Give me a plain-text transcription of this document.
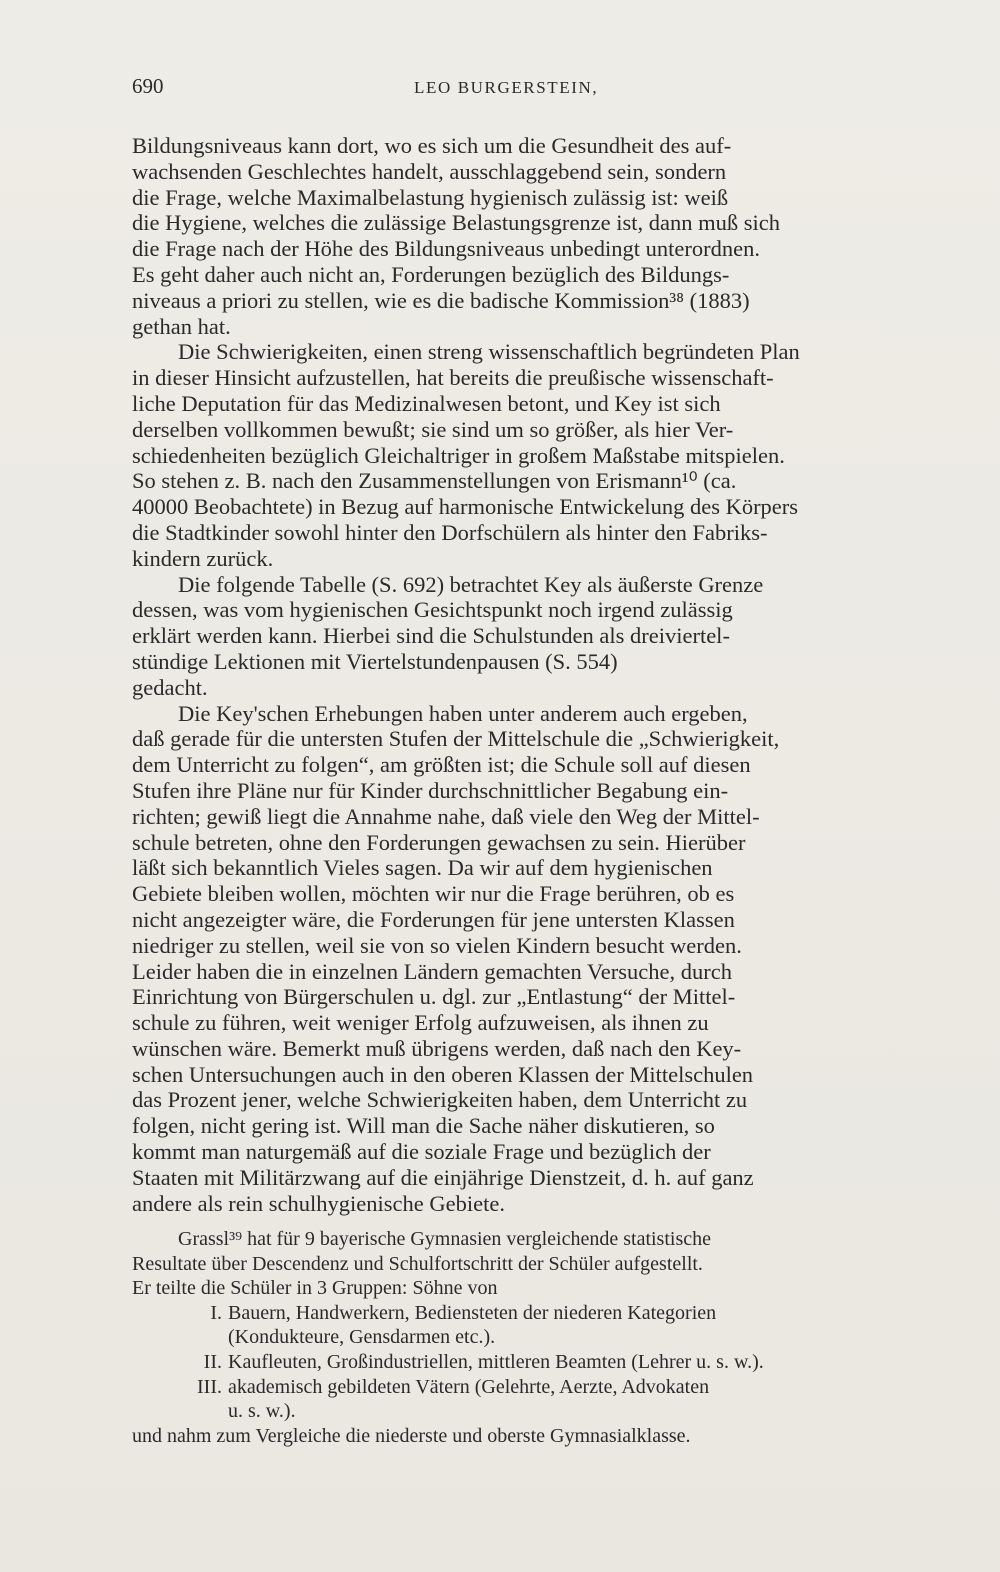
690	LEO BURGERSTEIN,
Bildungsniveaus kann dort, wo es sich um die Gesundheit des auf-
wachsenden Geschlechtes handelt, ausschlaggebend sein, sondern
die Frage, welche Maximalbelastung hygienisch zulässig ist: weiß
die Hygiene, welches die zulässige Belastungsgrenze ist, dann muß sich
die Frage nach der Höhe des Bildungsniveaus unbedingt unterordnen.
Es geht daher auch nicht an, Forderungen bezüglich des Bildungs-
niveaus a priori zu stellen, wie es die badische Kommission³⁸ (1883)
gethan hat.
Die Schwierigkeiten, einen streng wissenschaftlich begründeten Plan
in dieser Hinsicht aufzustellen, hat bereits die preußische wissenschaft-
liche Deputation für das Medizinalwesen betont, und Key ist sich
derselben vollkommen bewußt; sie sind um so größer, als hier Ver-
schiedenheiten bezüglich Gleichaltriger in großem Maßstabe mitspielen.
So stehen z. B. nach den Zusammenstellungen von Erismann¹⁰ (ca.
40000 Beobachtete) in Bezug auf harmonische Entwickelung des Körpers
die Stadtkinder sowohl hinter den Dorfschülern als hinter den Fabriks-
kindern zurück.
Die folgende Tabelle (S. 692) betrachtet Key als äußerste Grenze
dessen, was vom hygienischen Gesichtspunkt noch irgend zulässig
erklärt werden kann. Hierbei sind die Schulstunden als dreiviertel-
stündige Lektionen mit Viertelstundenpausen (S. 554)
gedacht.
Die Key'schen Erhebungen haben unter anderem auch ergeben,
daß gerade für die untersten Stufen der Mittelschule die „Schwierigkeit,
dem Unterricht zu folgen“, am größten ist; die Schule soll auf diesen
Stufen ihre Pläne nur für Kinder durchschnittlicher Begabung ein-
richten; gewiß liegt die Annahme nahe, daß viele den Weg der Mittel-
schule betreten, ohne den Forderungen gewachsen zu sein. Hierüber
läßt sich bekanntlich Vieles sagen. Da wir auf dem hygienischen
Gebiete bleiben wollen, möchten wir nur die Frage berühren, ob es
nicht angezeigter wäre, die Forderungen für jene untersten Klassen
niedriger zu stellen, weil sie von so vielen Kindern besucht werden.
Leider haben die in einzelnen Ländern gemachten Versuche, durch
Einrichtung von Bürgerschulen u. dgl. zur „Entlastung“ der Mittel-
schule zu führen, weit weniger Erfolg aufzuweisen, als ihnen zu
wünschen wäre. Bemerkt muß übrigens werden, daß nach den Key-
schen Untersuchungen auch in den oberen Klassen der Mittelschulen
das Prozent jener, welche Schwierigkeiten haben, dem Unterricht zu
folgen, nicht gering ist. Will man die Sache näher diskutieren, so
kommt man naturgemäß auf die soziale Frage und bezüglich der
Staaten mit Militärzwang auf die einjährige Dienstzeit, d. h. auf ganz
andere als rein schulhygienische Gebiete.
Grassl³⁹ hat für 9 bayerische Gymnasien vergleichende statistische
Resultate über Descendenz und Schulfortschritt der Schüler aufgestellt.
Er teilte die Schüler in 3 Gruppen: Söhne von
I. Bauern, Handwerkern, Bediensteten der niederen Kategorien
(Kondukteure, Gensdarmen etc.).
II. Kaufleuten, Großindustriellen, mittleren Beamten (Lehrer u. s. w.).
III. akademisch gebildeten Vätern (Gelehrte, Aerzte, Advokaten
u. s. w.).
und nahm zum Vergleiche die niederste und oberste Gymnasialklasse.
